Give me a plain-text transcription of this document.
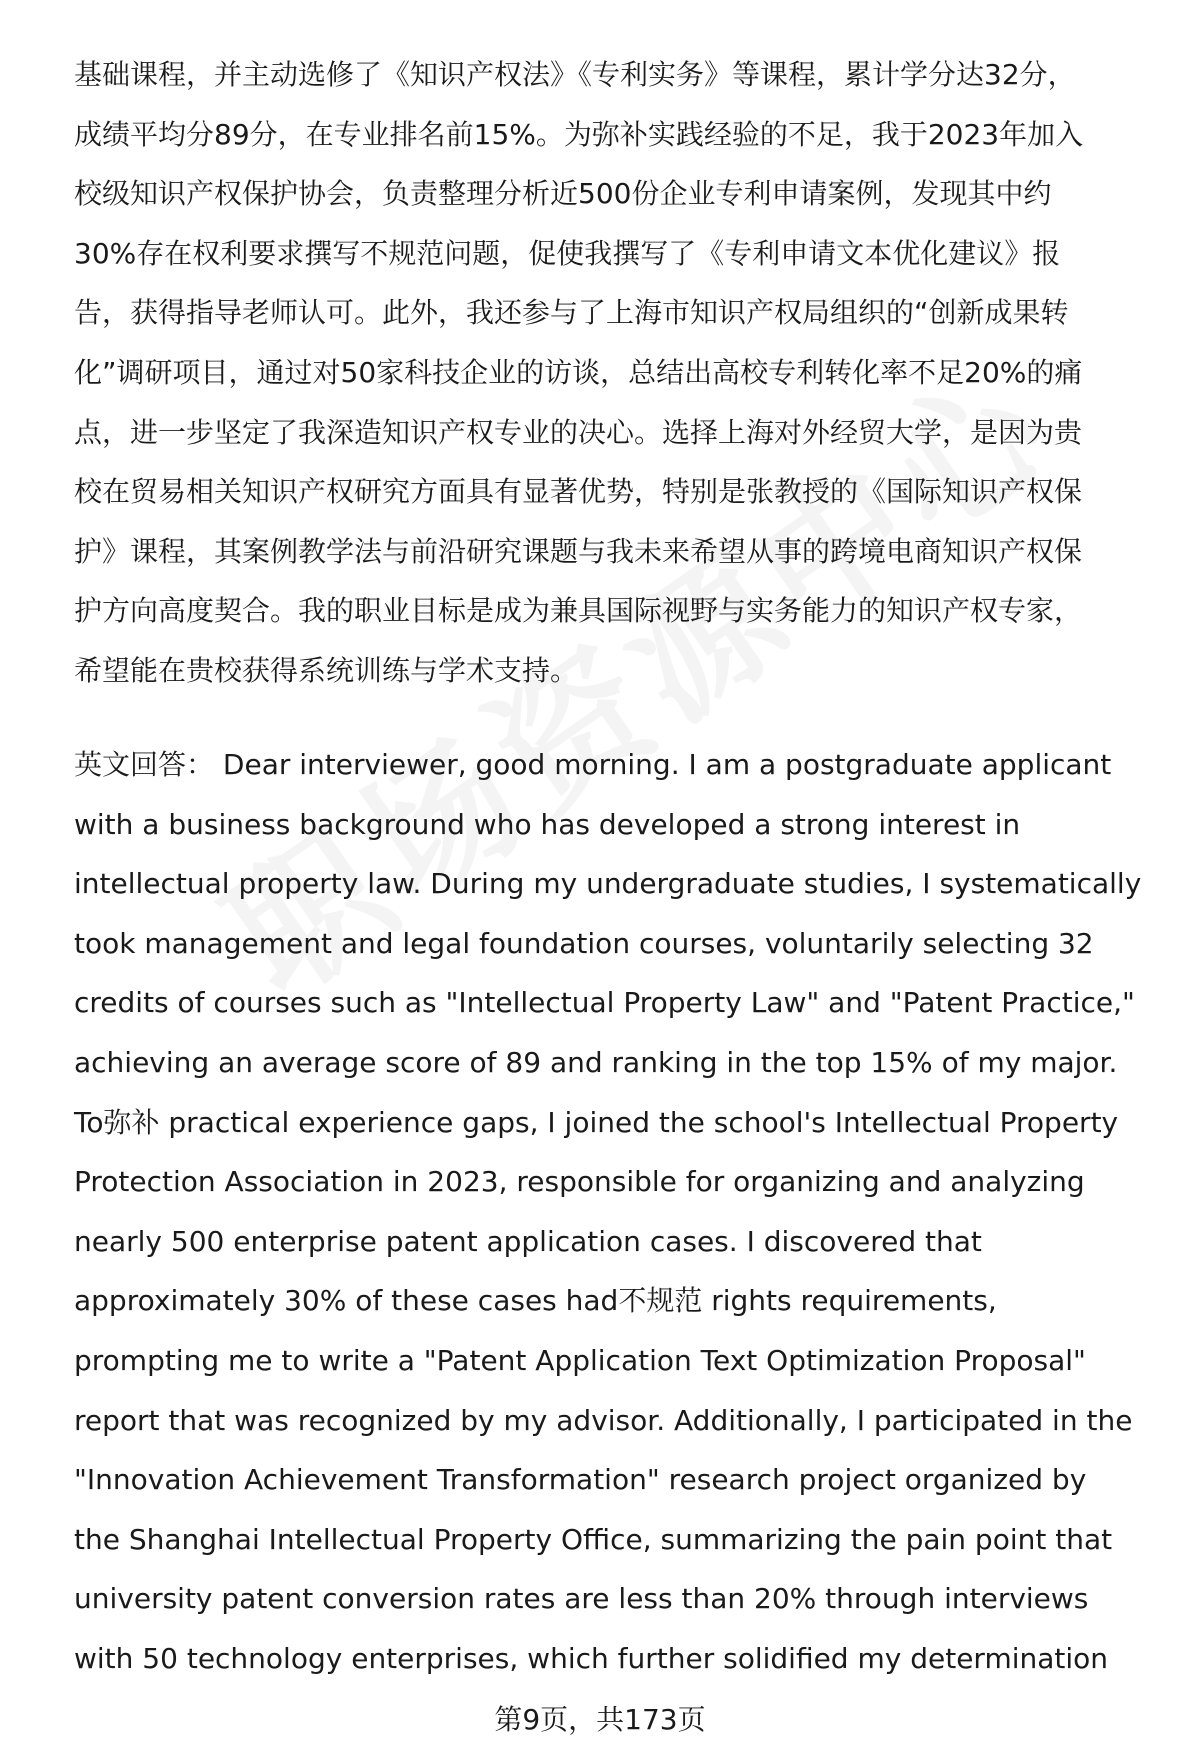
基础课程，并主动选修了《知识产权法》《专利实务》等课程，累计学分达32分，
成绩平均分89分，在专业排名前15%。为弥补实践经验的不足，我于2023年加入
校级知识产权保护协会，负责整理分析近500份企业专利申请案例，发现其中约
30%存在权利要求撰写不规范问题，促使我撰写了《专利申请文本优化建议》报
告，获得指导老师认可。此外，我还参与了上海市知识产权局组织的“创新成果转
化”调研项目，通过对50家科技企业的访谈，总结出高校专利转化率不足20%的痛
点，进一步坚定了我深造知识产权专业的决心。选择上海对外经贸大学，是因为贵
校在贸易相关知识产权研究方面具有显著优势，特别是张教授的《国际知识产权保
护》课程，其案例教学法与前沿研究课题与我未来希望从事的跨境电商知识产权保
护方向高度契合。我的职业目标是成为兼具国际视野与实务能力的知识产权专家，
希望能在贵校获得系统训练与学术支持。
英文回答： Dear interviewer, good morning. I am a postgraduate applicant
with a business background who has developed a strong interest in
intellectual property law. During my undergraduate studies, I systematically
took management and legal foundation courses, voluntarily selecting 32
credits of courses such as "Intellectual Property Law" and "Patent Practice,"
achieving an average score of 89 and ranking in the top 15% of my major.
To弥补 practical experience gaps, I joined the school's Intellectual Property
Protection Association in 2023, responsible for organizing and analyzing
nearly 500 enterprise patent application cases. I discovered that
approximately 30% of these cases had不规范 rights requirements,
prompting me to write a "Patent Application Text Optimization Proposal"
report that was recognized by my advisor. Additionally, I participated in the
"Innovation Achievement Transformation" research project organized by
the Shanghai Intellectual Property Office, summarizing the pain point that
university patent conversion rates are less than 20% through interviews
with 50 technology enterprises, which further solidified my determination
第9页，共173页
